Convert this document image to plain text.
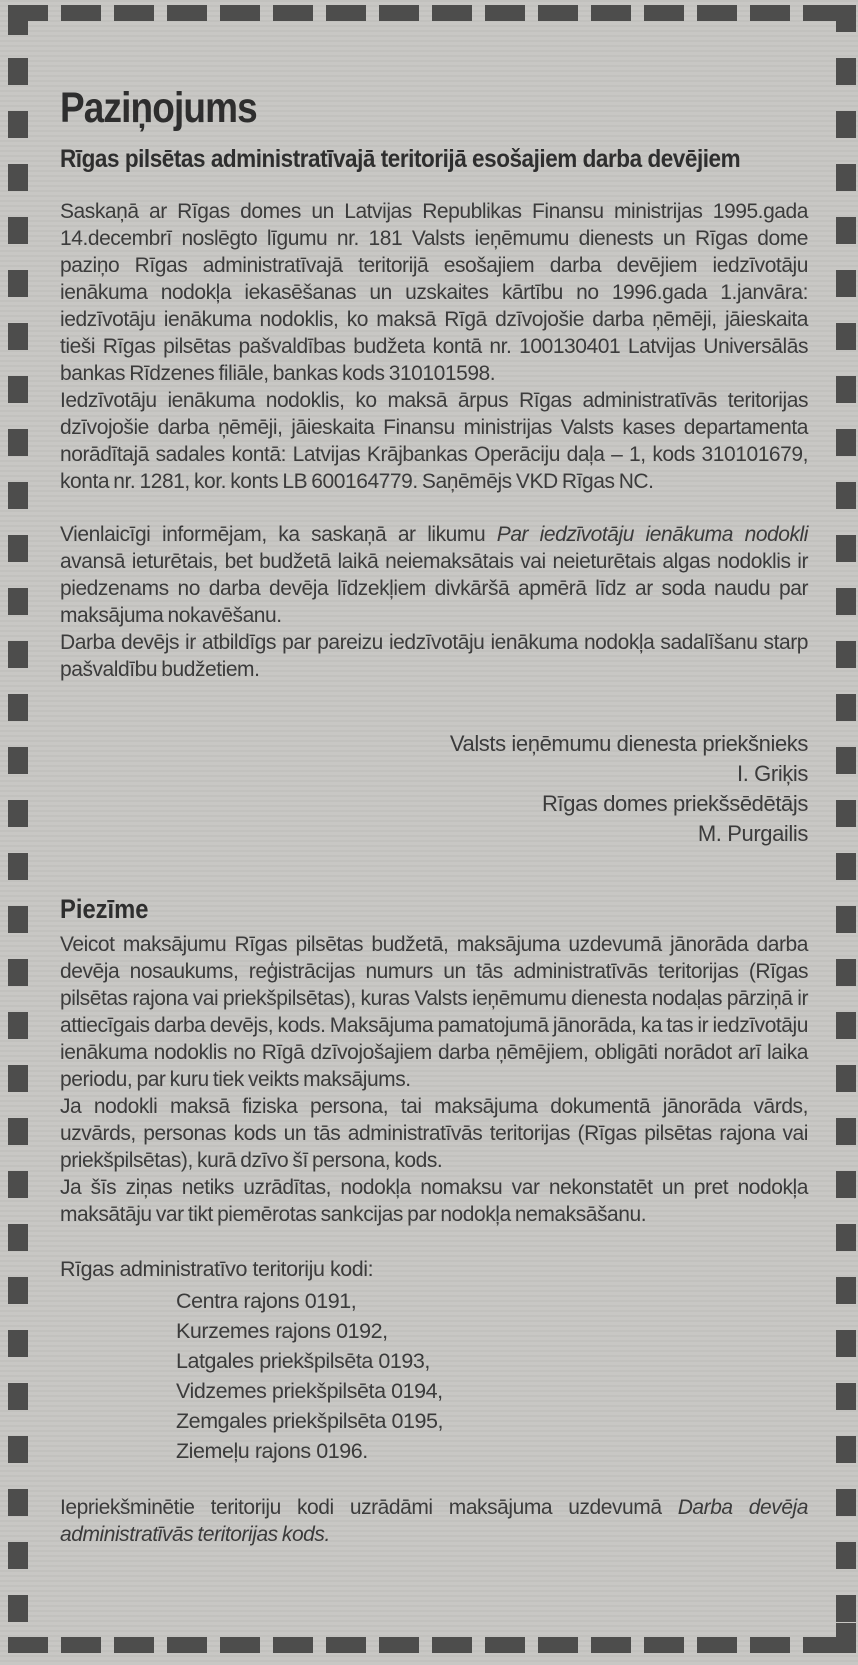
Paziņojums
Rīgas pilsētas administratīvajā teritorijā esošajiem darba devējiem

Saskaņā ar Rīgas domes un Latvijas Republikas Finansu ministrijas 1995.gada 14.decembrī noslēgto līgumu nr. 181 Valsts ieņēmumu dienests un Rīgas dome paziņo Rīgas administratīvajā teritorijā esošajiem darba devējiem iedzīvotāju ienākuma nodokļa iekasēšanas un uzskaites kārtību no 1996.gada 1.janvāra: iedzīvotāju ienākuma nodoklis, ko maksā Rīgā dzīvojošie darba ņēmēji, jāieskaita tieši Rīgas pilsētas pašvaldības budžeta kontā nr. 100130401 Latvijas Universālās bankas Rīdzenes filiāle, bankas kods 310101598.

Iedzīvotāju ienākuma nodoklis, ko maksā ārpus Rīgas administratīvās teritorijas dzīvojošie darba ņēmēji, jāieskaita Finansu ministrijas Valsts kases departamenta norādītajā sadales kontā: Latvijas Krājbankas Operāciju daļa – 1, kods 310101679, konta nr. 1281, kor. konts LB 600164779. Saņēmējs VKD Rīgas NC.

Vienlaicīgi informējam, ka saskaņā ar likumu Par iedzīvotāju ienākuma nodokli avansā ieturētais, bet budžetā laikā neiemaksātais vai neieturētais algas nodoklis ir piedzenams no darba devēja līdzekļiem divkāršā apmērā līdz ar soda naudu par maksājuma nokavēšanu.

Darba devējs ir atbildīgs par pareizu iedzīvotāju ienākuma nodokļa sadalīšanu starp pašvaldību budžetiem.

Valsts ieņēmumu dienesta priekšnieks
I. Griķis
Rīgas domes priekšsēdētājs
M. Purgailis
Piezīme

Veicot maksājumu Rīgas pilsētas budžetā, maksājuma uzdevumā jānorāda darba devēja nosaukums, reģistrācijas numurs un tās administratīvās teritorijas (Rīgas pilsētas rajona vai priekšpilsētas), kuras Valsts ieņēmumu dienesta nodaļas pārziņā ir attiecīgais darba devējs, kods. Maksājuma pamatojumā jānorāda, ka tas ir iedzīvotāju ienākuma nodoklis no Rīgā dzīvojošajiem darba ņēmējiem, obligāti norādot arī laika periodu, par kuru tiek veikts maksājums.

Ja nodokli maksā fiziska persona, tai maksājuma dokumentā jānorāda vārds, uzvārds, personas kods un tās administratīvās teritorijas (Rīgas pilsētas rajona vai priekšpilsētas), kurā dzīvo šī persona, kods.

Ja šīs ziņas netiks uzrādītas, nodokļa nomaksu var nekonstatēt un pret nodokļa maksātāju var tikt piemērotas sankcijas par nodokļa nemaksāšanu.

Rīgas administratīvo teritoriju kodi:

Centra rajons 0191,
Kurzemes rajons 0192,
Latgales priekšpilsēta 0193,
Vidzemes priekšpilsēta 0194,
Zemgales priekšpilsēta 0195,
Ziemeļu rajons 0196.

Iepriekšminētie teritoriju kodi uzrādāmi maksājuma uzdevumā Darba devēja administratīvās teritorijas kods.
